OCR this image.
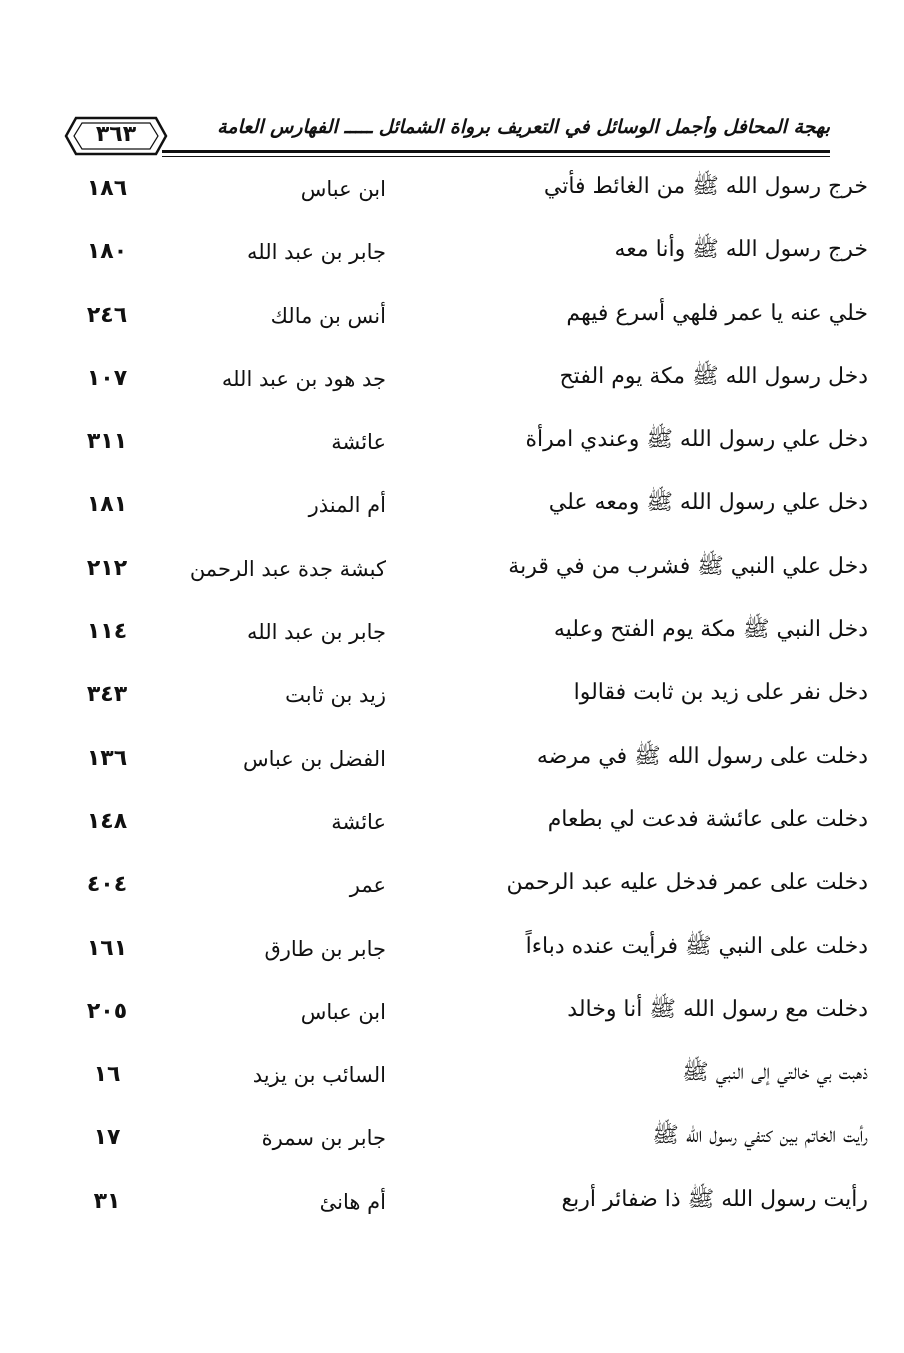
٣٦٣	بهجة المحافل وأجمل الوسائل في التعريف برواة الشمائل ـــــ الفهارس العامة
خرج رسول الله ﷺ من الغائط فأتي
ابن عباس
١٨٦
خرج رسول الله ﷺ وأنا معه
جابر بن عبد الله
١٨٠
خلي عنه يا عمر فلهي أسرع فيهم
أنس بن مالك
٢٤٦
دخل رسول الله ﷺ مكة يوم الفتح
جد هود بن عبد الله
١٠٧
دخل علي رسول الله ﷺ وعندي امرأة
عائشة
٣١١
دخل علي رسول الله ﷺ ومعه علي
أم المنذر
١٨١
دخل علي النبي ﷺ فشرب من في قربة
كبشة جدة عبد الرحمن
٢١٢
دخل النبي ﷺ مكة يوم الفتح وعليه
جابر بن عبد الله
١١٤
دخل نفر على زيد بن ثابت فقالوا
زيد بن ثابت
٣٤٣
دخلت على رسول الله ﷺ في مرضه
الفضل بن عباس
١٣٦
دخلت على عائشة فدعت لي بطعام
عائشة
١٤٨
دخلت على عمر فدخل عليه عبد الرحمن
عمر
٤٠٤
دخلت على النبي ﷺ فرأيت عنده دباءاً
جابر بن طارق
١٦١
دخلت مع رسول الله ﷺ أنا وخالد
ابن عباس
٢٠٥
ذهبت بي خالتي إلى النبي ﷺ
السائب بن يزيد
١٦
رأيت الخاتم بين كتفي رسول الله ﷺ
جابر بن سمرة
١٧
رأيت رسول الله ﷺ ذا ضفائر أربع
أم هانئ
٣١
